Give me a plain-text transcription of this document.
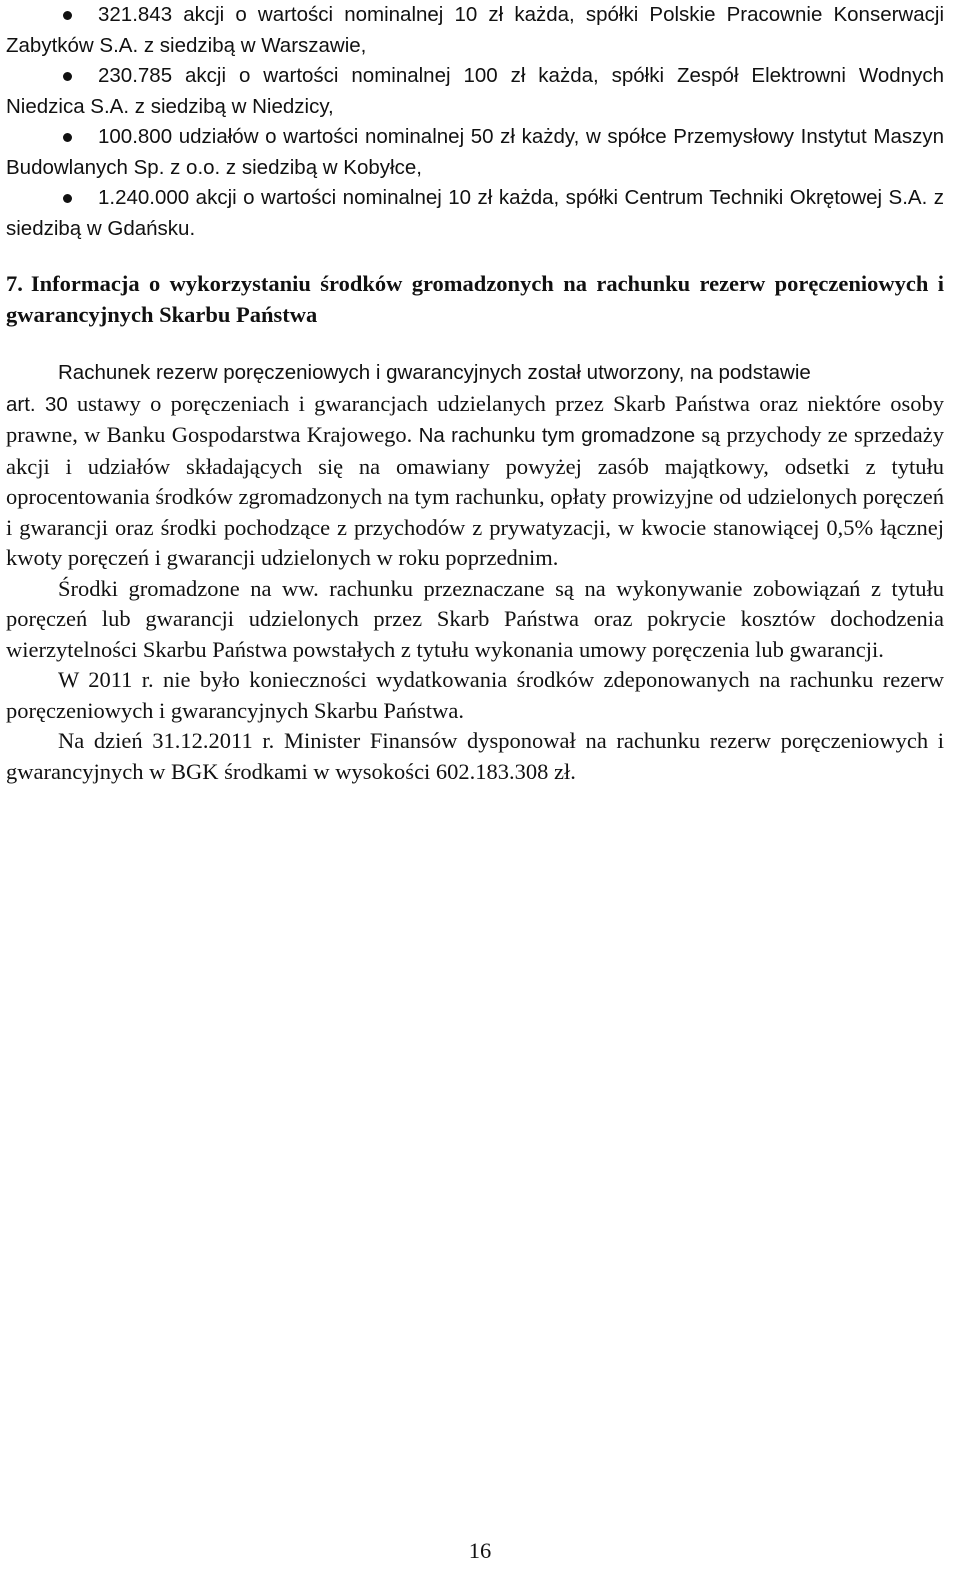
321.843 akcji o wartości nominalnej 10 zł każda, spółki Polskie Pracownie Konserwacji Zabytków S.A. z siedzibą w Warszawie,
230.785 akcji o wartości nominalnej 100 zł każda, spółki Zespół Elektrowni Wodnych Niedzica S.A. z siedzibą w Niedzicy,
100.800 udziałów o wartości nominalnej 50 zł każdy, w spółce Przemysłowy Instytut Maszyn Budowlanych Sp. z o.o. z siedzibą w Kobyłce,
1.240.000 akcji o wartości nominalnej 10 zł każda, spółki Centrum Techniki Okrętowej S.A. z siedzibą w Gdańsku.
7. Informacja o wykorzystaniu środków gromadzonych na rachunku rezerw poręczeniowych i gwarancyjnych Skarbu Państwa

Rachunek rezerw poręczeniowych i gwarancyjnych został utworzony, na podstawie

art. 30 ustawy o poręczeniach i gwarancjach udzielanych przez Skarb Państwa oraz niektóre osoby prawne, w Banku Gospodarstwa Krajowego. Na rachunku tym gromadzone są przychody ze sprzedaży akcji i udziałów składających się na omawiany powyżej zasób majątkowy, odsetki z tytułu oprocentowania środków zgromadzonych na tym rachunku, opłaty prowizyjne od udzielonych poręczeń i gwarancji oraz środki pochodzące z przychodów z prywatyzacji, w kwocie stanowiącej 0,5% łącznej kwoty poręczeń i gwarancji udzielonych w roku poprzednim.

Środki gromadzone na ww. rachunku przeznaczane są na wykonywanie zobowiązań z tytułu poręczeń lub gwarancji udzielonych przez Skarb Państwa oraz pokrycie kosztów dochodzenia wierzytelności Skarbu Państwa powstałych z tytułu wykonania umowy poręczenia lub gwarancji.

W 2011 r. nie było konieczności wydatkowania środków zdeponowanych na rachunku rezerw poręczeniowych i gwarancyjnych Skarbu Państwa.

Na dzień 31.12.2011 r. Minister Finansów dysponował na rachunku rezerw poręczeniowych i gwarancyjnych w BGK środkami w wysokości 602.183.308 zł.

16
